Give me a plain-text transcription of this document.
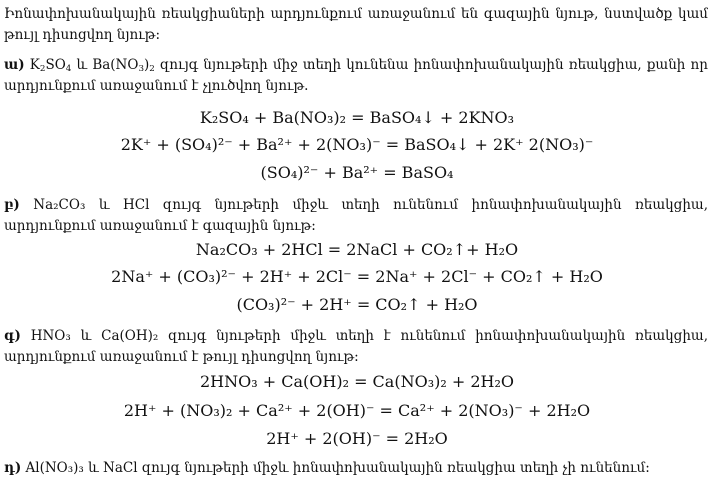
Իոնափոխանակային ռեակցիաների արդյունքում առաջանում են գազային նյութ, նստվածք կամ թույլ դիսոցվող նյութ:
ա) $K_2SO_4$ և $Ba(NO_3)_2$ զույգ նյութերի միջ տեղի կունենա իոնափոխանակային ռեակցիա, քանի որ արդյունքում առաջանում է չլուծվող նյութ.
K₂SO₄ + Ba(NO₃)₂ = BaSO₄↓ + 2KNO₃
2K⁺ + (SO₄)²⁻ + Ba²⁺ + 2(NO₃)⁻ = BaSO₄↓ + 2K⁺ 2(NO₃)⁻
(SO₄)²⁻ + Ba²⁺ = BaSO₄
բ) Na₂CO₃ և HCl զույգ նյութերի միջև տեղի ունենում իոնափոխանակային ռեակցիա, արդյունքում առաջանում է գազային նյութ:
Na₂CO₃ + 2HCl = 2NaCl + CO₂↑+ H₂O
2Na⁺ + (CO₃)²⁻ + 2H⁺ + 2Cl⁻ = 2Na⁺ + 2Cl⁻ + CO₂↑ + H₂O
(CO₃)²⁻ + 2H⁺ = CO₂↑ + H₂O
գ) HNO₃ և Ca(OH)₂ զույգ նյութերի միջև տեղի է ունենում իոնափոխանակային ռեակցիա, արդյունքում առաջանում է թույլ դիսոցվող նյութ:
2HNO₃ + Ca(OH)₂ = Ca(NO₃)₂ + 2H₂O
2H⁺ + (NO₃)₂ + Ca²⁺ + 2(OH)⁻ = Ca²⁺ + 2(NO₃)⁻ + 2H₂O
2H⁺ + 2(OH)⁻ = 2H₂O
դ) Al(NO₃)₃ և NaCl զույգ նյութերի միջև իոնափոխանակային ռեակցիա տեղի չի ունենում:
